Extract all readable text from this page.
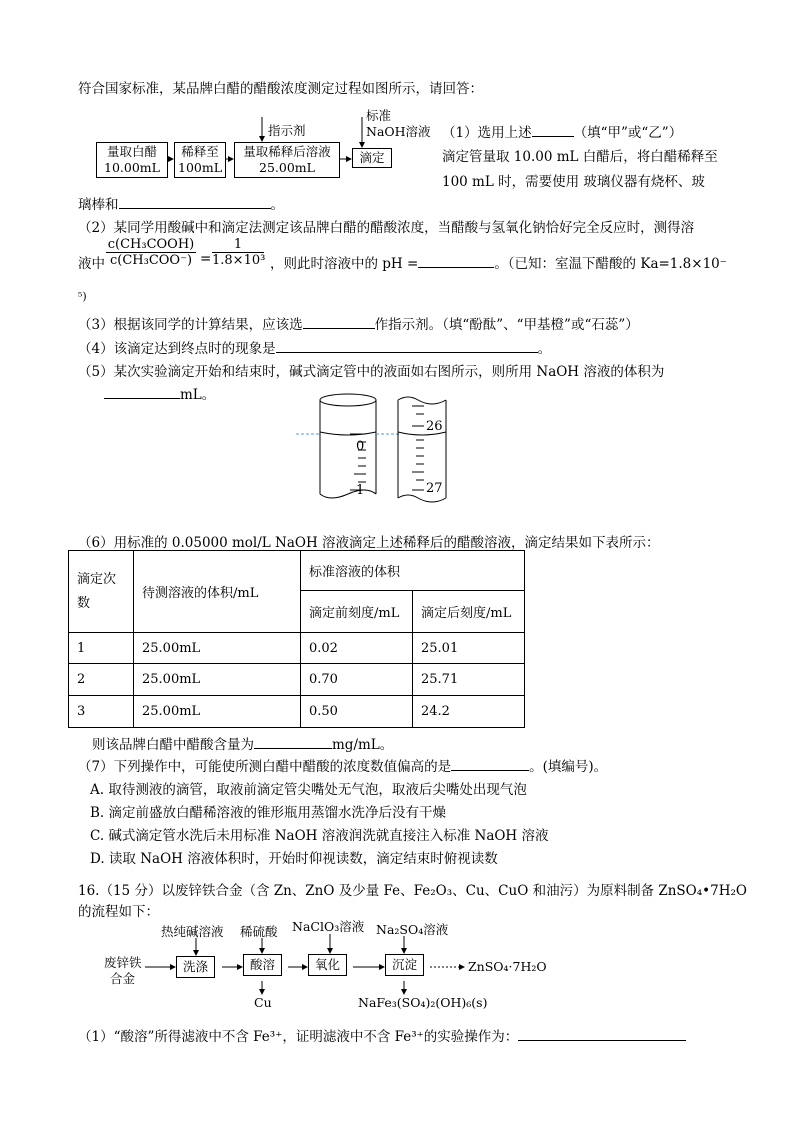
符合国家标准，某品牌白醋的醋酸浓度测定过程如图所示，请回答：
量取白醋
10.00mL
稀释至
100mL
量取稀释后溶液
25.00mL
滴定
指示剂
标准
NaOH溶液 （1）选用上述	（填“甲”或“乙”）
滴定管量取 10.00 mL 白醋后，将白醋稀释至
100 mL 时，需要使用 玻璃仪器有烧杯、玻
璃棒和	。
（2）某同学用酸碱中和滴定法测定该品牌白醋的醋酸浓度，当醋酸与氢氧化钠恰好完全反应时，测得溶
液中
c(CH₃COOH)
$c(CH_3COO^-) = \frac{1}{\text{1.8×10³}}$ ，则此时溶液中的 pH =	。（已知：室温下醋酸的 Ka=1.8×10⁻
⁵)
（3）根据该同学的计算结果，应该选	作指示剂。（填“酚酞”、“甲基橙”或“石蕊”）
（4）该滴定达到终点时的现象是	。
（5）某次实验滴定开始和结束时，碱式滴定管中的液面如右图所示，则所用 NaOH 溶液的体积为
mL。
0
1
26
27
（6）用标准的 0.05000 mol/L NaOH 溶液滴定上述稀释后的醋酸溶液，滴定结果如下表所示：
滴定次数	待测溶液的体积/mL	标准溶液的体积	
		滴定前刻度/mL	滴定后刻度/mL
1	25.00mL	0.02	25.01
2	25.00mL	0.70	25.71
3	25.00mL	0.50	24.2
则该品牌白醋中醋酸含量为	mg/mL。
（7）下列操作中，可能使所测白醋中醋酸的浓度数值偏高的是	。(填编号)。
A. 取待测液的滴管，取液前滴定管尖嘴处无气泡，取液后尖嘴处出现气泡
B. 滴定前盛放白醋稀溶液的锥形瓶用蒸馏水洗净后没有干燥
C. 碱式滴定管水洗后未用标准 NaOH 溶液润洗就直接注入标准 NaOH 溶液
D. 读取 NaOH 溶液体积时，开始时仰视读数，滴定结束时俯视读数
16.（15 分）以废锌铁合金（含 Zn、ZnO 及少量 Fe、Fe₂O₃、Cu、CuO 和油污）为原料制备 ZnSO₄•7H₂O
的流程如下：
废锌铁
合金
热纯碱溶液 稀硫酸 NaClO₃溶液 Na₂SO₄溶液
洗涤	酸溶	氧化	沉淀	ZnSO₄·7H₂O
Cu	NaFe₃(SO₄)₂(OH)₆(s)
（1）“酸溶”所得滤液中不含 Fe³⁺，证明滤液中不含 Fe³⁺的实验操作为：
